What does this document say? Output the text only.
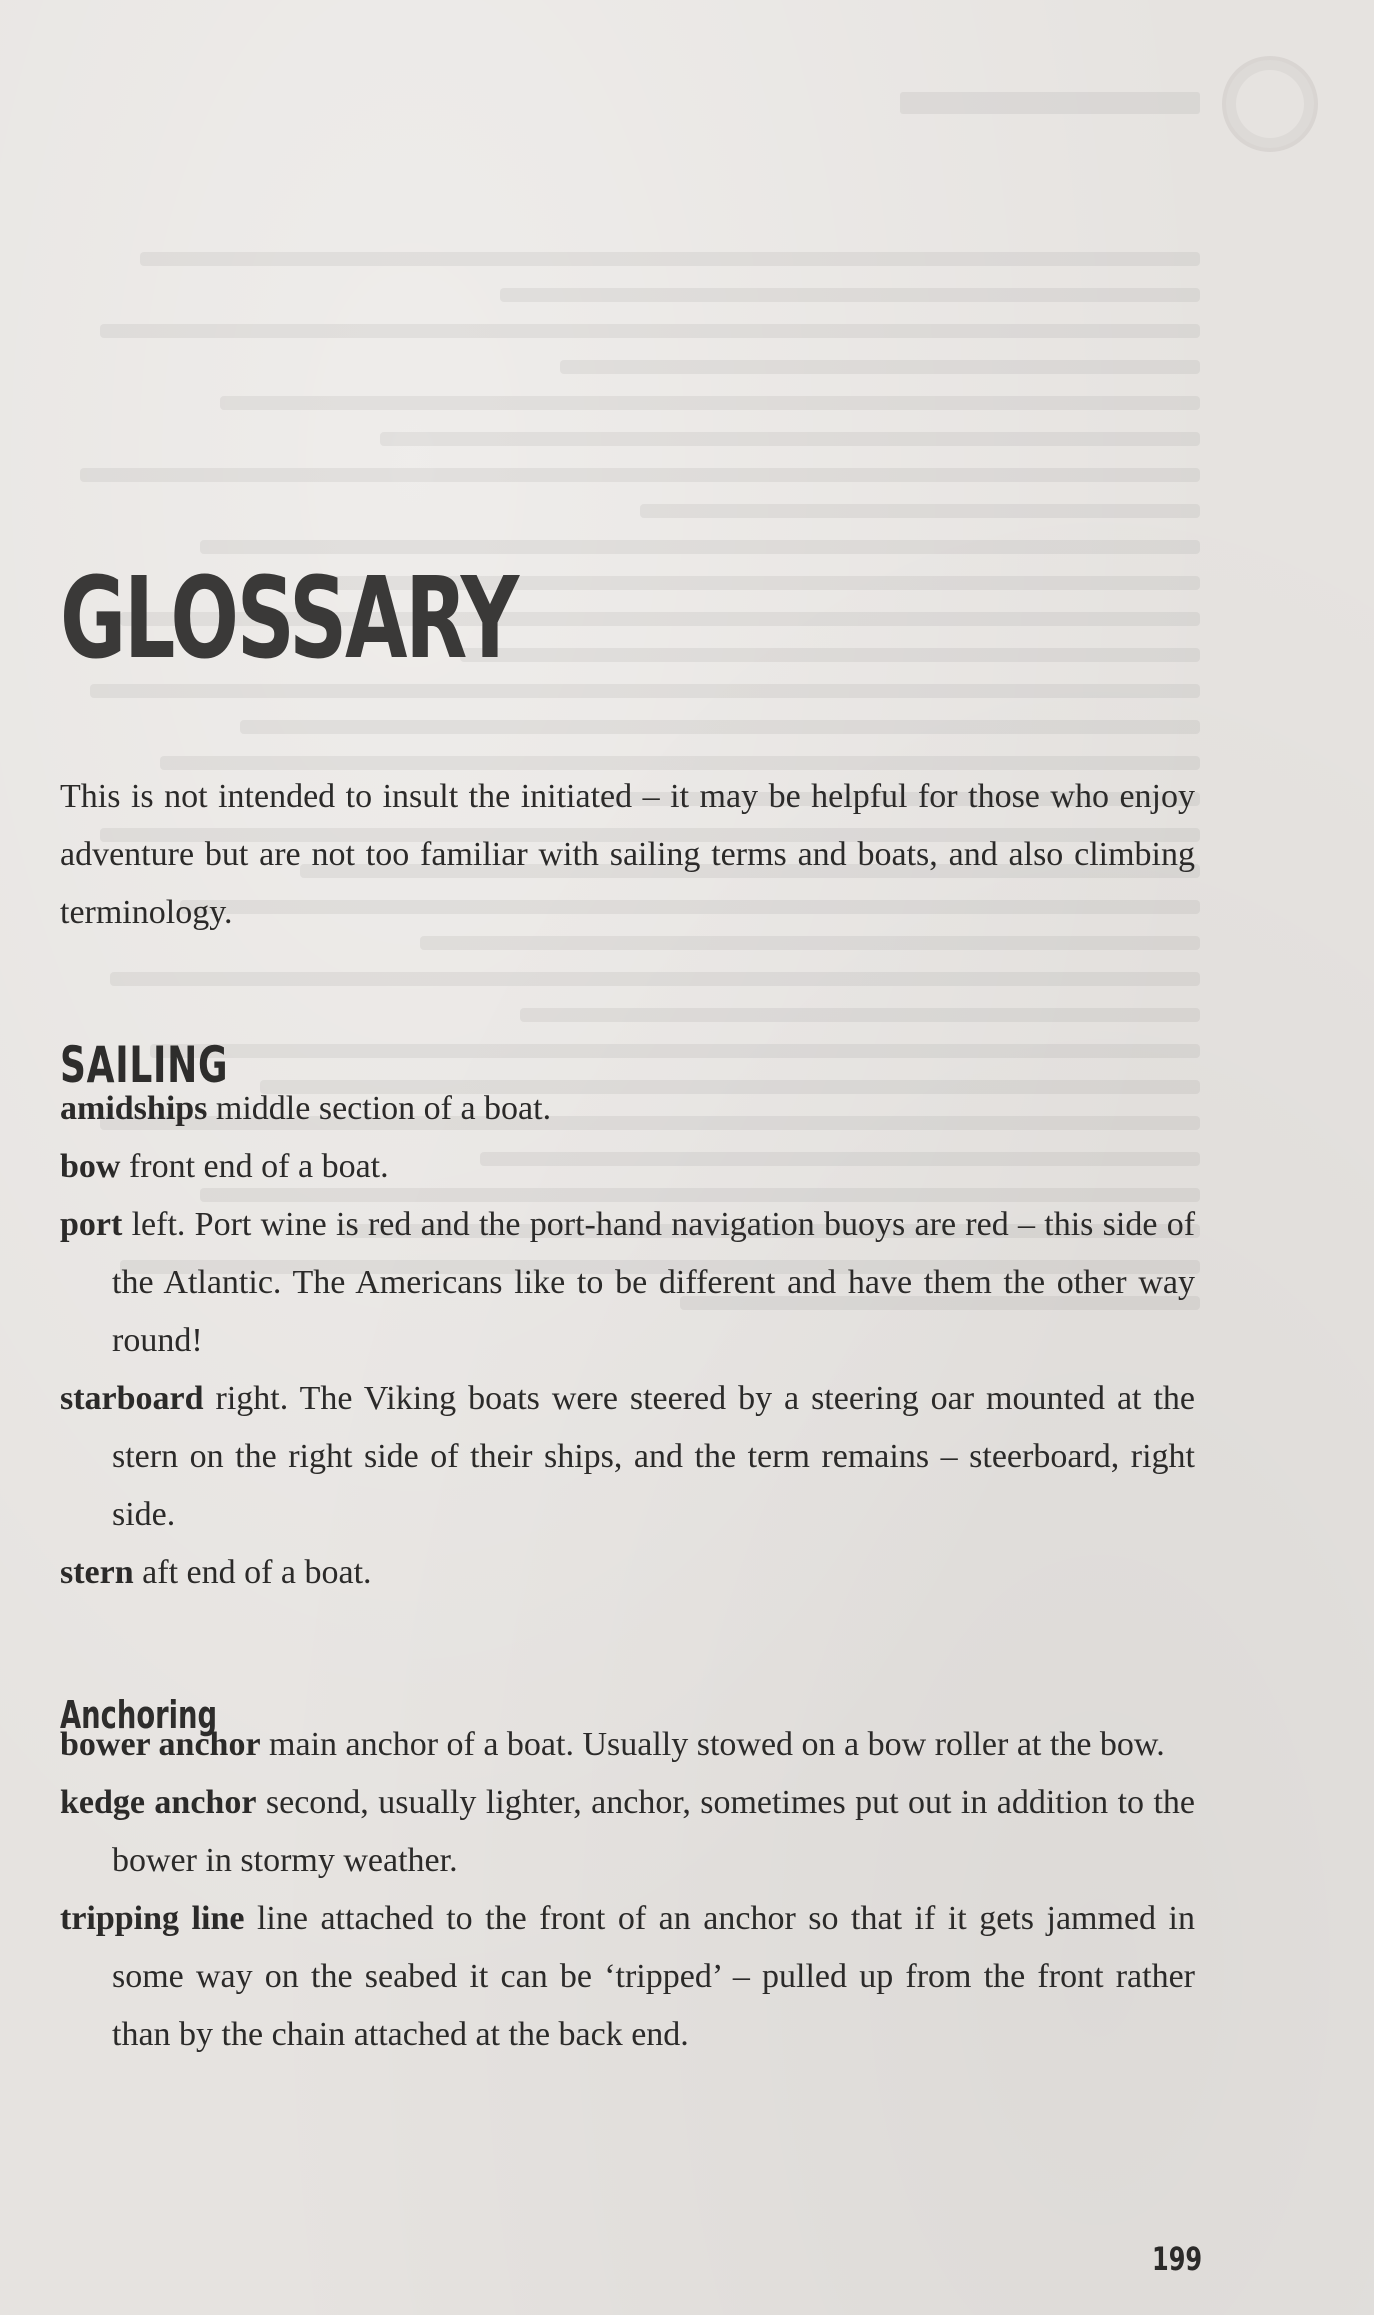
GLOSSARY

This is not intended to insult the initiated – it may be helpful for those who enjoy adventure but are not too familiar with sailing terms and boats, and also climbing terminology.

SAILING
amidships middle section of a boat.
bow front end of a boat.
port left. Port wine is red and the port-hand navigation buoys are red – this side of the Atlantic. The Americans like to be different and have them the other way round!
starboard right. The Viking boats were steered by a steering oar mounted at the stern on the right side of their ships, and the term remains – steerboard, right side.
stern aft end of a boat.
Anchoring
bower anchor main anchor of a boat. Usually stowed on a bow roller at the bow.
kedge anchor second, usually lighter, anchor, sometimes put out in addition to the bower in stormy weather.
tripping line line attached to the front of an anchor so that if it gets jammed in some way on the seabed it can be ‘tripped’ – pulled up from the front rather than by the chain attached at the back end.
199
